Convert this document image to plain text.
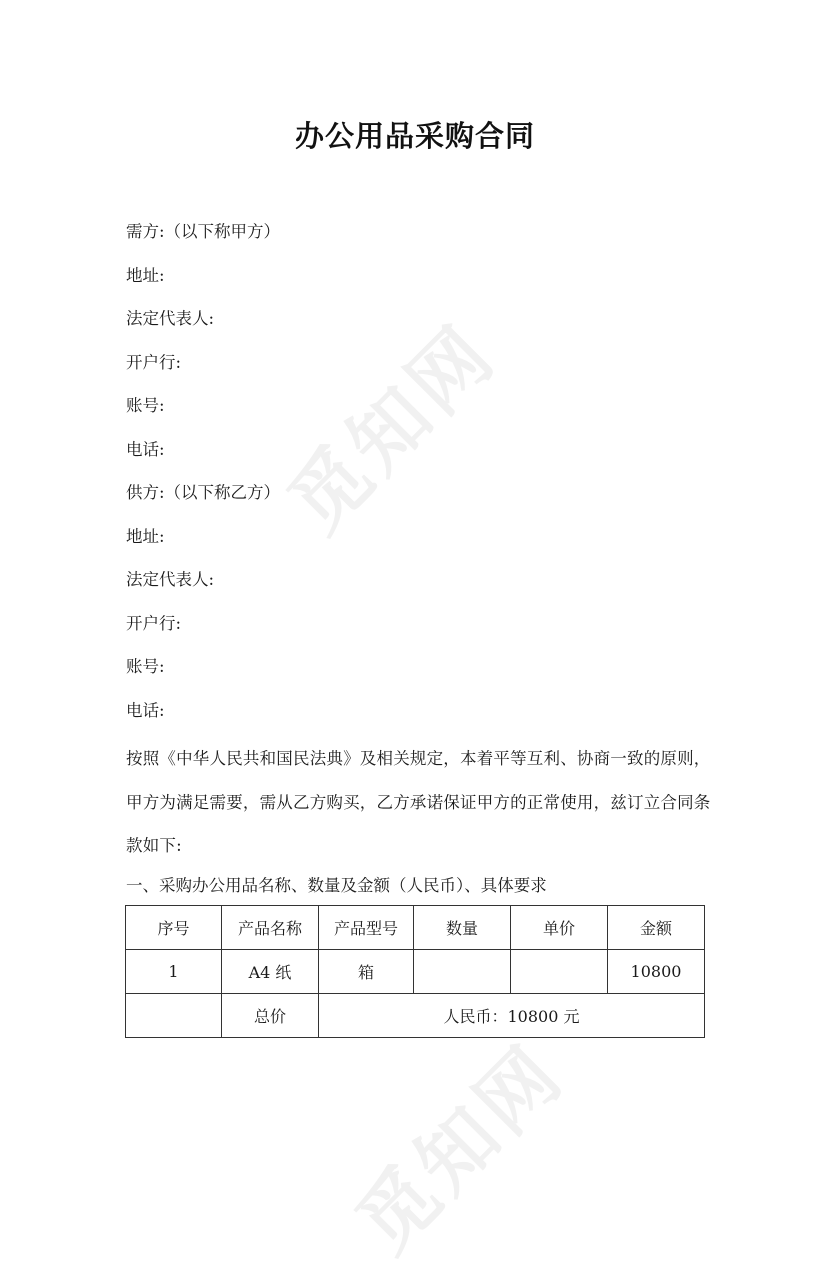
觅知网
觅知网
办公用品采购合同
需方:（以下称甲方）
地址:
法定代表人:
开户行:
账号:
电话:
供方:（以下称乙方）
地址:
法定代表人:
开户行:
账号:
电话:
按照《中华人民共和国民法典》及相关规定，本着平等互利、协商一致的原则，
甲方为满足需要，需从乙方购买，乙方承诺保证甲方的正常使用，兹订立合同条
款如下:
一、采购办公用品名称、数量及金额（人民币）、具体要求
序号	产品名称	产品型号	数量	单价	金额
1	A4 纸	箱			10800
	总价	人民币：10800 元			
